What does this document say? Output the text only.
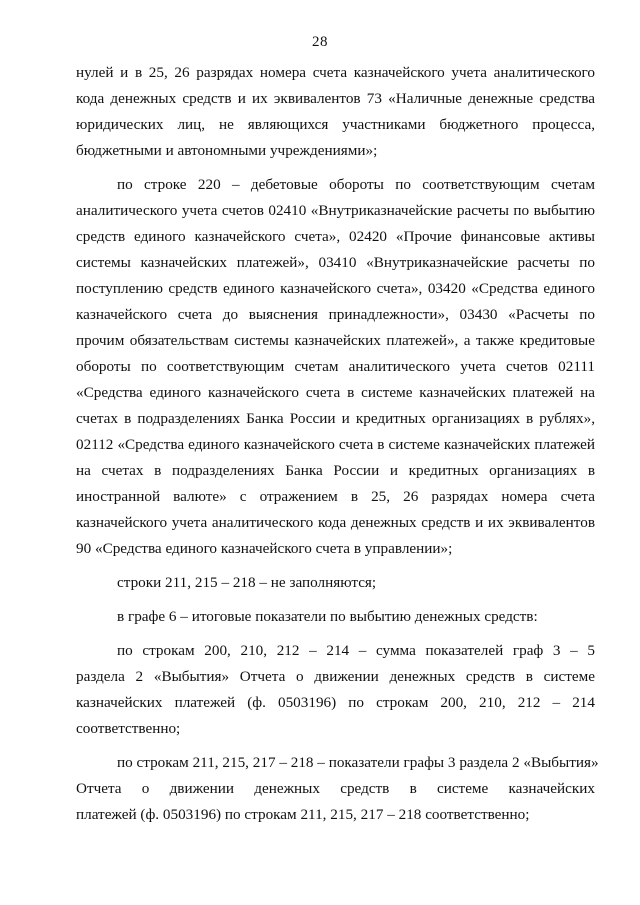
28
нулей и в 25, 26 разрядах номера счета казначейского учета аналитического
кода денежных средств и их эквивалентов 73 «Наличные денежные средства
юридических лиц, не являющихся участниками бюджетного процесса,
бюджетными и автономными учреждениями»;
по строке 220 – дебетовые обороты по соответствующим счетам
аналитического учета счетов 02410 «Внутриказначейские расчеты по выбытию
средств единого казначейского счета», 02420 «Прочие финансовые активы
системы казначейских платежей», 03410 «Внутриказначейские расчеты по
поступлению средств единого казначейского счета», 03420 «Средства единого
казначейского счета до выяснения принадлежности», 03430 «Расчеты по
прочим обязательствам системы казначейских платежей», а также кредитовые
обороты по соответствующим счетам аналитического учета счетов 02111
«Средства единого казначейского счета в системе казначейских платежей на
счетах в подразделениях Банка России и кредитных организациях в рублях»,
02112 «Средства единого казначейского счета в системе казначейских платежей
на счетах в подразделениях Банка России и кредитных организациях в
иностранной валюте» с отражением в 25, 26 разрядах номера счета
казначейского учета аналитического кода денежных средств и их эквивалентов
90 «Средства единого казначейского счета в управлении»;
строки 211, 215 – 218 – не заполняются;
в графе 6 – итоговые показатели по выбытию денежных средств:
по строкам 200, 210, 212 – 214 – сумма показателей граф 3 – 5
раздела 2 «Выбытия» Отчета о движении денежных средств в системе
казначейских платежей (ф. 0503196) по строкам 200, 210, 212 – 214
соответственно;
по строкам 211, 215, 217 – 218 – показатели графы 3 раздела 2 «Выбытия»
Отчета о движении денежных средств в системе казначейских
платежей (ф. 0503196) по строкам 211, 215, 217 – 218 соответственно;
